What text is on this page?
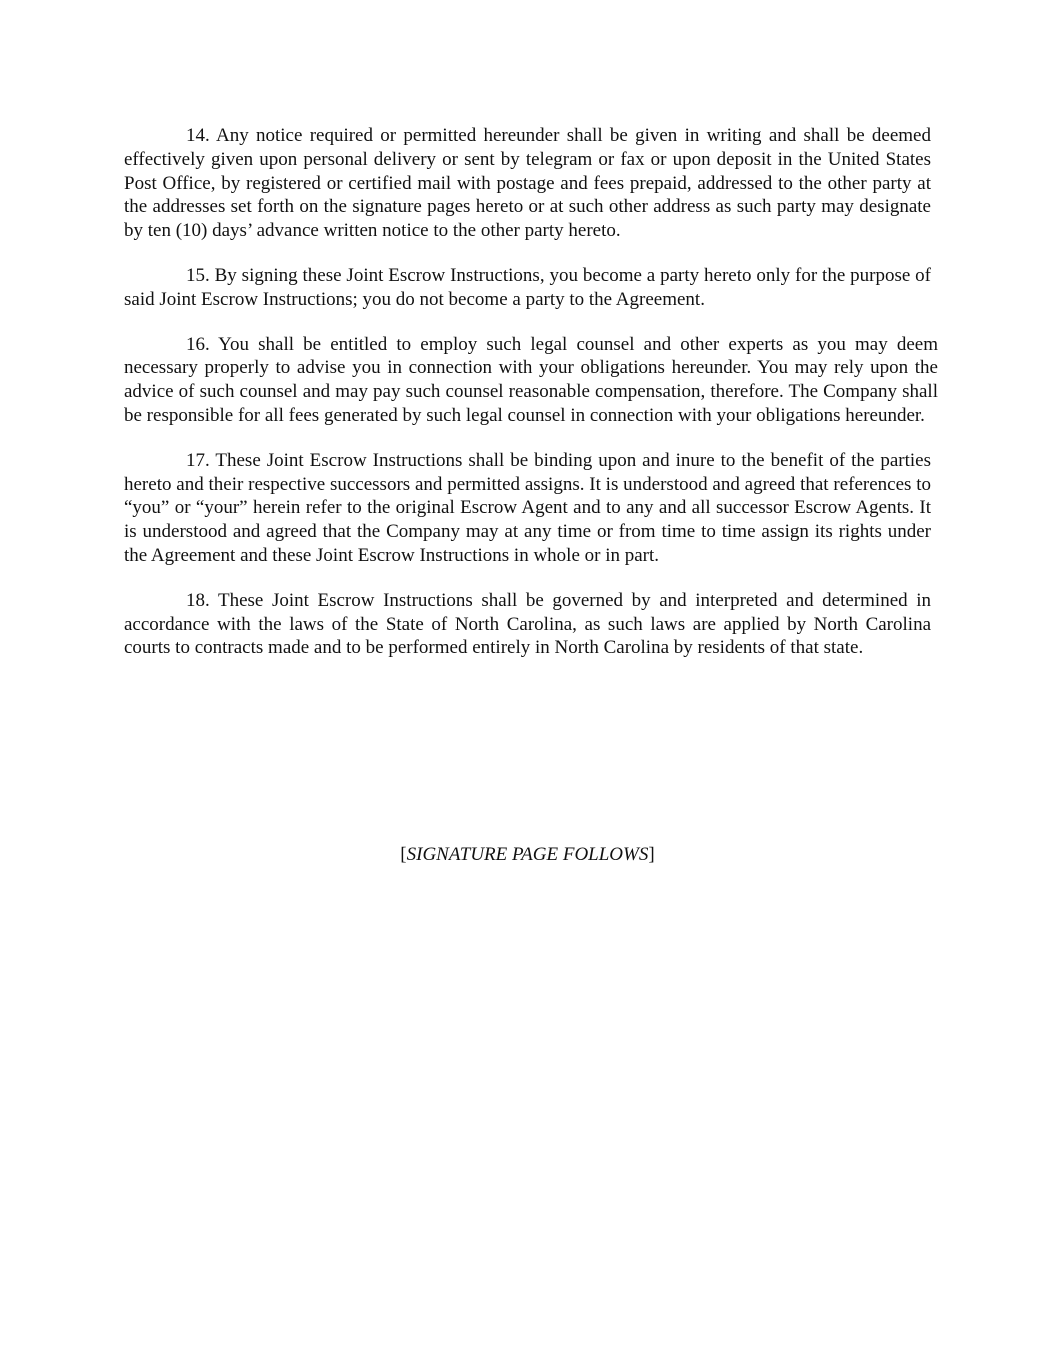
14. Any notice required or permitted hereunder shall be given in writing and shall be deemed effectively given upon personal delivery or sent by telegram or fax or upon deposit in the United States Post Office, by registered or certified mail with postage and fees prepaid, addressed to the other party at the addresses set forth on the signature pages hereto or at such other address as such party may designate by ten (10) days’ advance written notice to the other party hereto.

15. By signing these Joint Escrow Instructions, you become a party hereto only for the purpose of said Joint Escrow Instructions; you do not become a party to the Agreement.

16. You shall be entitled to employ such legal counsel and other experts as you may deem necessary properly to advise you in connection with your obligations hereunder. You may rely upon the advice of such counsel and may pay such counsel reasonable compensation, therefore. The Company shall be responsible for all fees generated by such legal counsel in connection with your obligations hereunder.

17. These Joint Escrow Instructions shall be binding upon and inure to the benefit of the parties hereto and their respective successors and permitted assigns. It is understood and agreed that references to “you” or “your” herein refer to the original Escrow Agent and to any and all successor Escrow Agents. It is understood and agreed that the Company may at any time or from time to time assign its rights under the Agreement and these Joint Escrow Instructions in whole or in part.

18. These Joint Escrow Instructions shall be governed by and interpreted and determined in accordance with the laws of the State of North Carolina, as such laws are applied by North Carolina courts to contracts made and to be performed entirely in North Carolina by residents of that state.

[SIGNATURE PAGE FOLLOWS]
